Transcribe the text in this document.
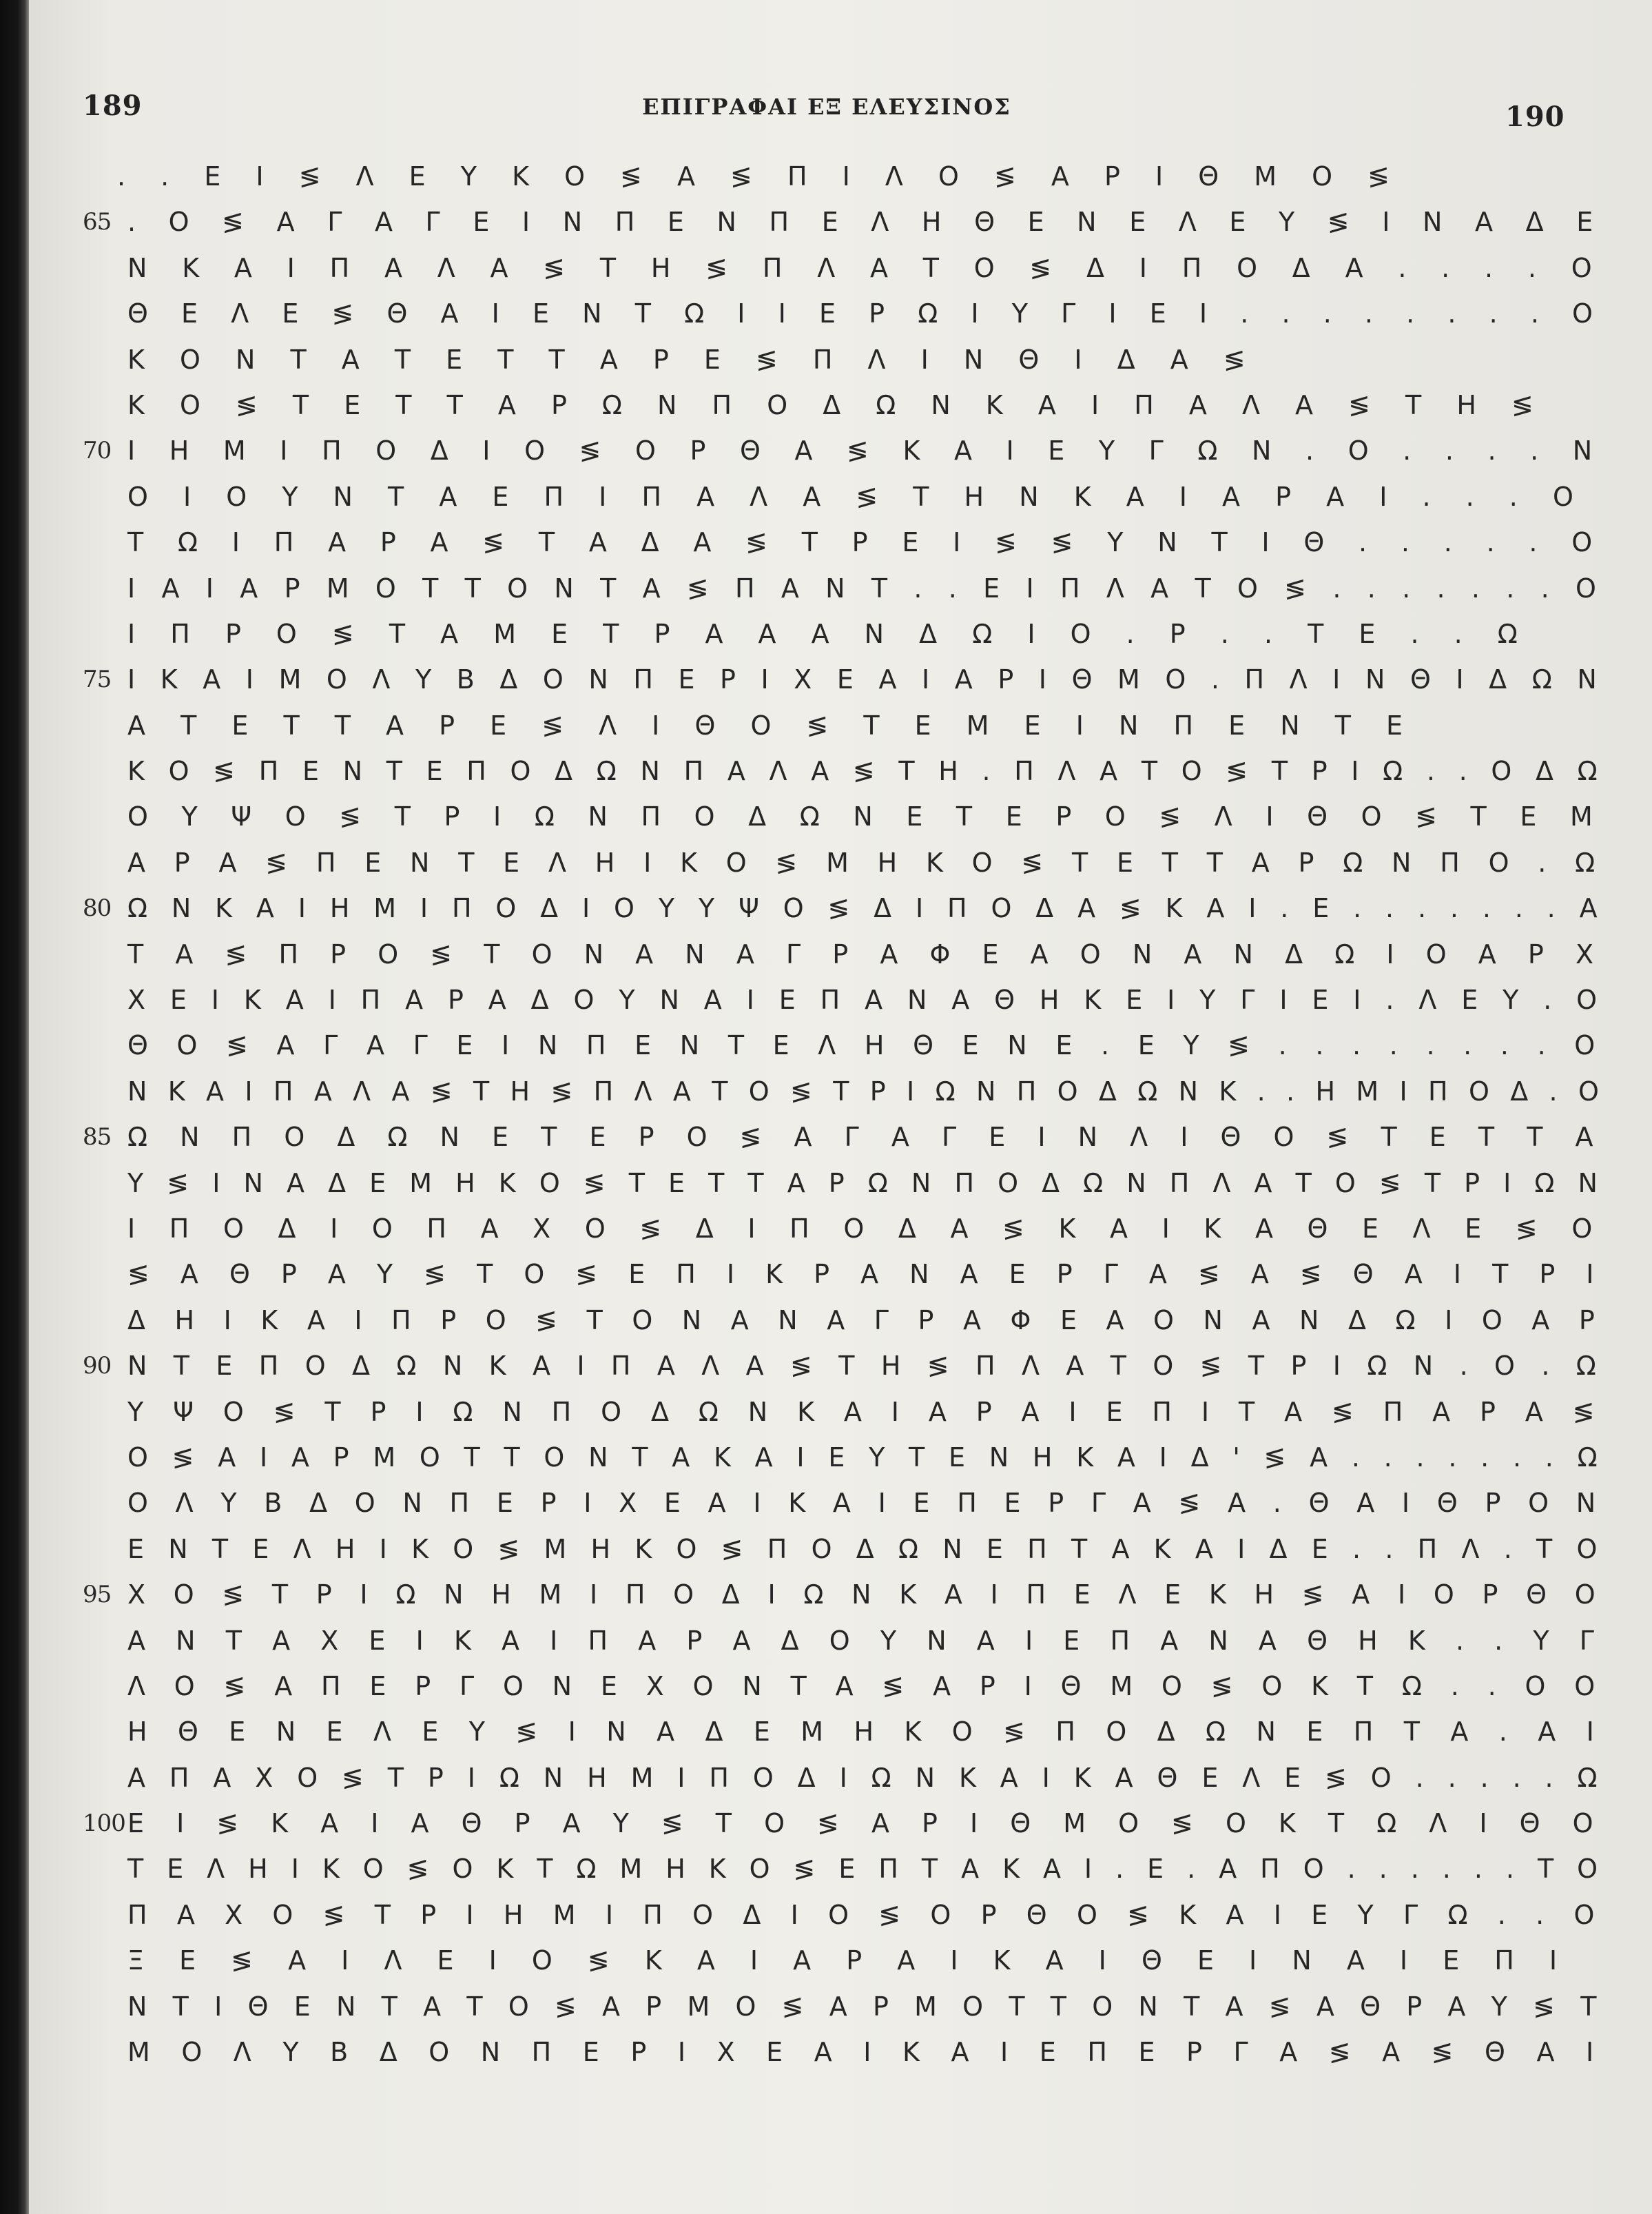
189	ΕΠΙΓΡΑΦΑΙ ΕΞ ΕΛΕΥΣΙΝΟΣ	190
. . Ε Ι ≶ Λ Ε Υ Κ Ο ≶ Α ≶ Π Ι Λ Ο ≶ Α Ρ Ι Θ Μ Ο ≶
65 . Ο ≶ Α Γ Α Γ Ε Ι Ν Π Ε Ν Π Ε Λ Η Θ Ε Ν Ε Λ Ε Υ ≶ Ι Ν Α Δ Ε
Ν Κ Α Ι Π Α Λ Α ≶ Τ Η ≶ Π Λ Α Τ Ο ≶ Δ Ι Π Ο Δ Α . . . . Ο
Θ Ε Λ Ε ≶ Θ Α Ι Ε Ν Τ Ω Ι Ι Ε Ρ Ω Ι Υ Γ Ι Ε Ι . . . . . . . . Ο
Κ Ο Ν Τ Α Τ Ε Τ Τ Α Ρ Ε ≶ Π Λ Ι Ν Θ Ι Δ Α ≶
Κ Ο ≶ Τ Ε Τ Τ Α Ρ Ω Ν Π Ο Δ Ω Ν Κ Α Ι Π Α Λ Α ≶ Τ Η ≶
70 Ι Η Μ Ι Π Ο Δ Ι Ο ≶ Ο Ρ Θ Α ≶ Κ Α Ι Ε Υ Γ Ω Ν . Ο . . . . Ν
Ο Ι Ο Υ Ν Τ Α Ε Π Ι Π Α Λ Α ≶ Τ Η Ν Κ Α Ι Α Ρ Α Ι . . . Ο
Τ Ω Ι Π Α Ρ Α ≶ Τ Α Δ Α ≶ Τ Ρ Ε Ι ≶ ≶ Υ Ν Τ Ι Θ . . . . . Ο
Ι Α Ι Α Ρ Μ Ο Τ Τ Ο Ν Τ Α ≶ Π Α Ν Τ . . Ε Ι Π Λ Α Τ Ο ≶ . . . . . . . Ο
Ι Π Ρ Ο ≶ Τ Α Μ Ε Τ Ρ Α Α Α Ν Δ Ω Ι Ο . Ρ . . Τ Ε . . Ω
75 Ι Κ Α Ι Μ Ο Λ Υ Β Δ Ο Ν Π Ε Ρ Ι Χ Ε Α Ι Α Ρ Ι Θ Μ Ο . Π Λ Ι Ν Θ Ι Δ Ω Ν
Α Τ Ε Τ Τ Α Ρ Ε ≶ Λ Ι Θ Ο ≶ Τ Ε Μ Ε Ι Ν Π Ε Ν Τ Ε
Κ Ο ≶ Π Ε Ν Τ Ε Π Ο Δ Ω Ν Π Α Λ Α ≶ Τ Η . Π Λ Α Τ Ο ≶ Τ Ρ Ι Ω . . Ο Δ Ω
Ο Υ Ψ Ο ≶ Τ Ρ Ι Ω Ν Π Ο Δ Ω Ν Ε Τ Ε Ρ Ο ≶ Λ Ι Θ Ο ≶ Τ Ε Μ
Α Ρ Α ≶ Π Ε Ν Τ Ε Λ Η Ι Κ Ο ≶ Μ Η Κ Ο ≶ Τ Ε Τ Τ Α Ρ Ω Ν Π Ο . Ω
80 Ω Ν Κ Α Ι Η Μ Ι Π Ο Δ Ι Ο Υ Υ Ψ Ο ≶ Δ Ι Π Ο Δ Α ≶ Κ Α Ι . Ε . . . . . . . Α
Τ Α ≶ Π Ρ Ο ≶ Τ Ο Ν Α Ν Α Γ Ρ Α Φ Ε Α Ο Ν Α Ν Δ Ω Ι Ο Α Ρ Χ
Χ Ε Ι Κ Α Ι Π Α Ρ Α Δ Ο Υ Ν Α Ι Ε Π Α Ν Α Θ Η Κ Ε Ι Υ Γ Ι Ε Ι . Λ Ε Υ . Ο
Θ Ο ≶ Α Γ Α Γ Ε Ι Ν Π Ε Ν Τ Ε Λ Η Θ Ε Ν Ε . Ε Υ ≶ . . . . . . . . Ο
Ν Κ Α Ι Π Α Λ Α ≶ Τ Η ≶ Π Λ Α Τ Ο ≶ Τ Ρ Ι Ω Ν Π Ο Δ Ω Ν Κ . . Η Μ Ι Π Ο Δ . Ο
85 Ω Ν Π Ο Δ Ω Ν Ε Τ Ε Ρ Ο ≶ Α Γ Α Γ Ε Ι Ν Λ Ι Θ Ο ≶ Τ Ε Τ Τ Α
Υ ≶ Ι Ν Α Δ Ε Μ Η Κ Ο ≶ Τ Ε Τ Τ Α Ρ Ω Ν Π Ο Δ Ω Ν Π Λ Α Τ Ο ≶ Τ Ρ Ι Ω Ν
Ι Π Ο Δ Ι Ο Π Α Χ Ο ≶ Δ Ι Π Ο Δ Α ≶ Κ Α Ι Κ Α Θ Ε Λ Ε ≶ Ο
≶ Α Θ Ρ Α Υ ≶ Τ Ο ≶ Ε Π Ι Κ Ρ Α Ν Α Ε Ρ Γ Α ≶ Α ≶ Θ Α Ι Τ Ρ Ι
Δ Η Ι Κ Α Ι Π Ρ Ο ≶ Τ Ο Ν Α Ν Α Γ Ρ Α Φ Ε Α Ο Ν Α Ν Δ Ω Ι Ο Α Ρ
90 Ν Τ Ε Π Ο Δ Ω Ν Κ Α Ι Π Α Λ Α ≶ Τ Η ≶ Π Λ Α Τ Ο ≶ Τ Ρ Ι Ω Ν . Ο . Ω
Υ Ψ Ο ≶ Τ Ρ Ι Ω Ν Π Ο Δ Ω Ν Κ Α Ι Α Ρ Α Ι Ε Π Ι Τ Α ≶ Π Α Ρ Α ≶
Ο ≶ Α Ι Α Ρ Μ Ο Τ Τ Ο Ν Τ Α Κ Α Ι Ε Υ Τ Ε Ν Η Κ Α Ι Δ ' ≶ Α . . . . . . . Ω
Ο Λ Υ Β Δ Ο Ν Π Ε Ρ Ι Χ Ε Α Ι Κ Α Ι Ε Π Ε Ρ Γ Α ≶ Α . Θ Α Ι Θ Ρ Ο Ν
Ε Ν Τ Ε Λ Η Ι Κ Ο ≶ Μ Η Κ Ο ≶ Π Ο Δ Ω Ν Ε Π Τ Α Κ Α Ι Δ Ε . . Π Λ . Τ Ο
95 Χ Ο ≶ Τ Ρ Ι Ω Ν Η Μ Ι Π Ο Δ Ι Ω Ν Κ Α Ι Π Ε Λ Ε Κ Η ≶ Α Ι Ο Ρ Θ Ο
Α Ν Τ Α Χ Ε Ι Κ Α Ι Π Α Ρ Α Δ Ο Υ Ν Α Ι Ε Π Α Ν Α Θ Η Κ . . Υ Γ
Λ Ο ≶ Α Π Ε Ρ Γ Ο Ν Ε Χ Ο Ν Τ Α ≶ Α Ρ Ι Θ Μ Ο ≶ Ο Κ Τ Ω . . Ο Ο
Η Θ Ε Ν Ε Λ Ε Υ ≶ Ι Ν Α Δ Ε Μ Η Κ Ο ≶ Π Ο Δ Ω Ν Ε Π Τ Α . Α Ι
Α Π Α Χ Ο ≶ Τ Ρ Ι Ω Ν Η Μ Ι Π Ο Δ Ι Ω Ν Κ Α Ι Κ Α Θ Ε Λ Ε ≶ Ο . . . . . Ω
100 Ε Ι ≶ Κ Α Ι Α Θ Ρ Α Υ ≶ Τ Ο ≶ Α Ρ Ι Θ Μ Ο ≶ Ο Κ Τ Ω Λ Ι Θ Ο
Τ Ε Λ Η Ι Κ Ο ≶ Ο Κ Τ Ω Μ Η Κ Ο ≶ Ε Π Τ Α Κ Α Ι . Ε . Α Π Ο . . . . . . Τ Ο
Π Α Χ Ο ≶ Τ Ρ Ι Η Μ Ι Π Ο Δ Ι Ο ≶ Ο Ρ Θ Ο ≶ Κ Α Ι Ε Υ Γ Ω . . Ο
Ξ Ε ≶ Α Ι Λ Ε Ι Ο ≶ Κ Α Ι Α Ρ Α Ι Κ Α Ι Θ Ε Ι Ν Α Ι Ε Π Ι
Ν Τ Ι Θ Ε Ν Τ Α Τ Ο ≶ Α Ρ Μ Ο ≶ Α Ρ Μ Ο Τ Τ Ο Ν Τ Α ≶ Α Θ Ρ Α Υ ≶ Τ
Μ Ο Λ Υ Β Δ Ο Ν Π Ε Ρ Ι Χ Ε Α Ι Κ Α Ι Ε Π Ε Ρ Γ Α ≶ Α ≶ Θ Α Ι
